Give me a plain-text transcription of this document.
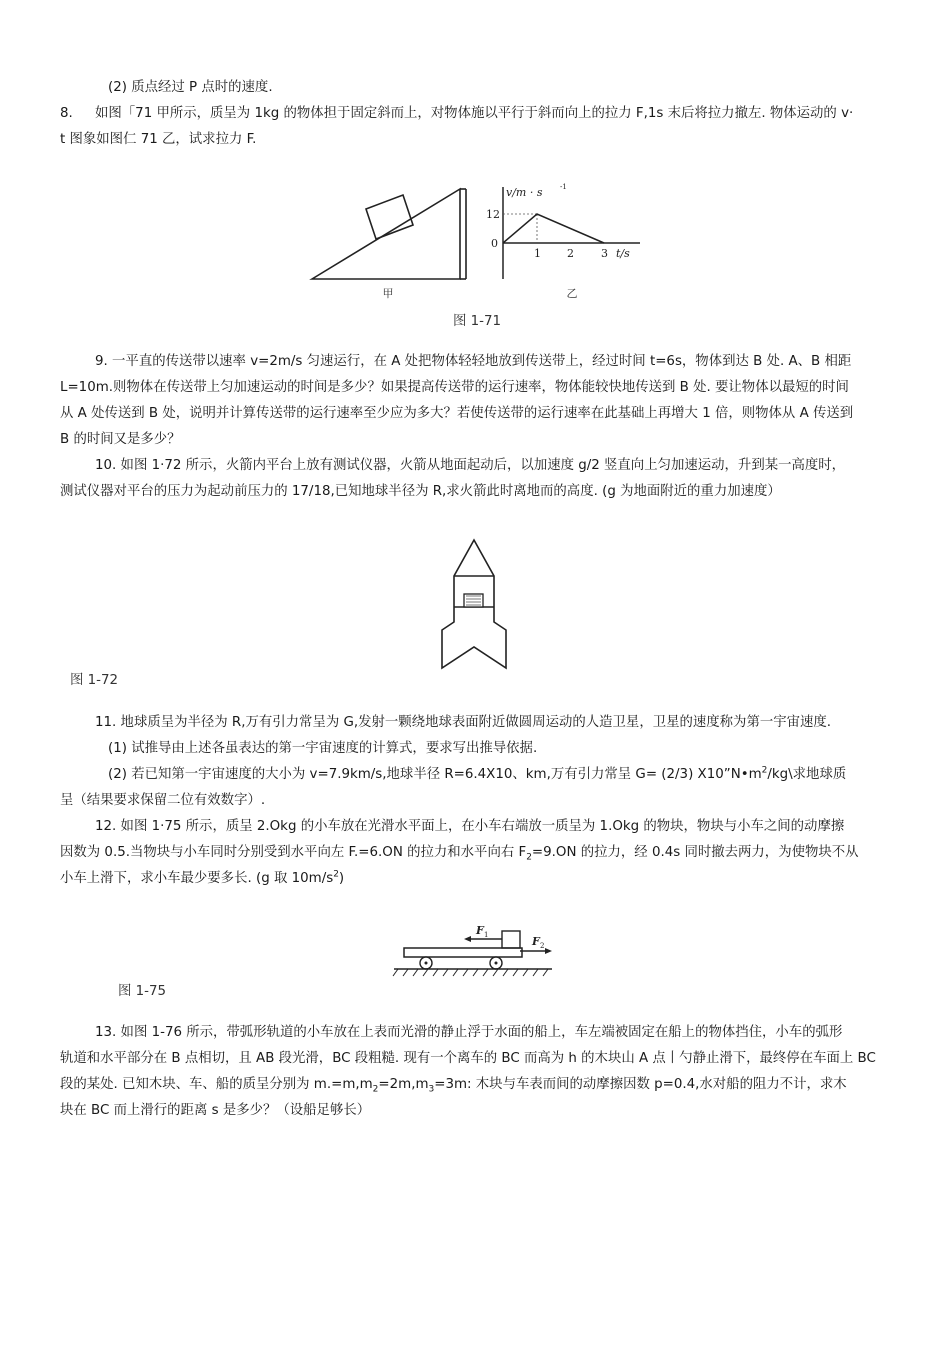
(2) 质点经过 P 点时的速度.
8. 如图「71 甲所示，质呈为 1kg 的物体担于固定斜而上，对物体施以平行于斜而向上的拉力 F,1s 末后将拉力撤左. 物体运动的 v·
t 图象如图仁 71 乙，试求拉力 F.
甲
v/m · s	-1
12
0
1 2 3 t/s
乙
图 1-71
9. 一平直的传送带以速率 v=2m/s 匀速运行，在 A 处把物体轻轻地放到传送带上，经过时间 t=6s，物体到达 B 处. A、B 相距
L=10m.则物体在传送带上匀加速运动的时间是多少？如果提高传送带的运行速率，物体能较快地传送到 B 处. 要让物体以最短的时间
从 A 处传送到 B 处，说明并计算传送带的运行速率至少应为多大？若使传送带的运行速率在此基础上再增大 1 倍，则物体从 A 传送到
B 的时间又是多少？
10. 如图 1·72 所示，火箭内平台上放有测试仪器，火箭从地面起动后，以加速度 g/2 竖直向上匀加速运动，升到某一高度时，
测试仪器对平台的压力为起动前压力的 17/18,已知地球半径为 R,求火箭此时离地而的高度. (g 为地面附近的重力加速度）
图 1-72
11. 地球质呈为半径为 R,万有引力常呈为 G,发射一颗绕地球表面附近做圆周运动的人造卫星，卫星的速度称为第一宇宙速度.
(1) 试推导由上述各虽表达的第一宇宙速度的计算式，要求写出推导依据.
(2) 若已知第一宇宙速度的大小为 v=7.9km/s,地球半径 R=6.4X10、km,万有引力常呈 G= (2/3) $X10”N•m^2/kg\backslash$求地球质
呈（结果要求保留二位有效数字）.
12. 如图 1·75 所示，质呈 2.Okg 的小车放在光滑水平面上，在小车右端放一质呈为 1.Okg 的物块，物块与小车之间的动摩擦
因数为 0.5.当物块与小车同时分别受到水平向左 F.=6.ON 的拉力和水平向右 $F_2=9.ON$ 的拉力，经 0.4s 同时撤去两力，为使物块不从
小车上滑下，求小车最少要多长. (g 取 $10m/s^2$)
F 1	F 2
图 1-75
13. 如图 1-76 所示，带弧形轨道的小车放在上表而光滑的静止浮于水面的船上，车左端被固定在船上的物体挡住，小车的弧形
轨道和水平部分在 B 点相切，且 AB 段光滑，BC 段粗糙. 现有一个离车的 BC 而高为 h 的木块山 A 点丨勺静止滑下，最终停在车面上 BC
段的某处. 已知木块、车、船的质呈分别为 $m.=m,m_2=2m,m_3=3m$: 木块与车表而间的动摩擦因数 p=0.4,水对船的阻力不计，求木
块在 BC 而上滑行的距离 s 是多少？（设船足够长）
